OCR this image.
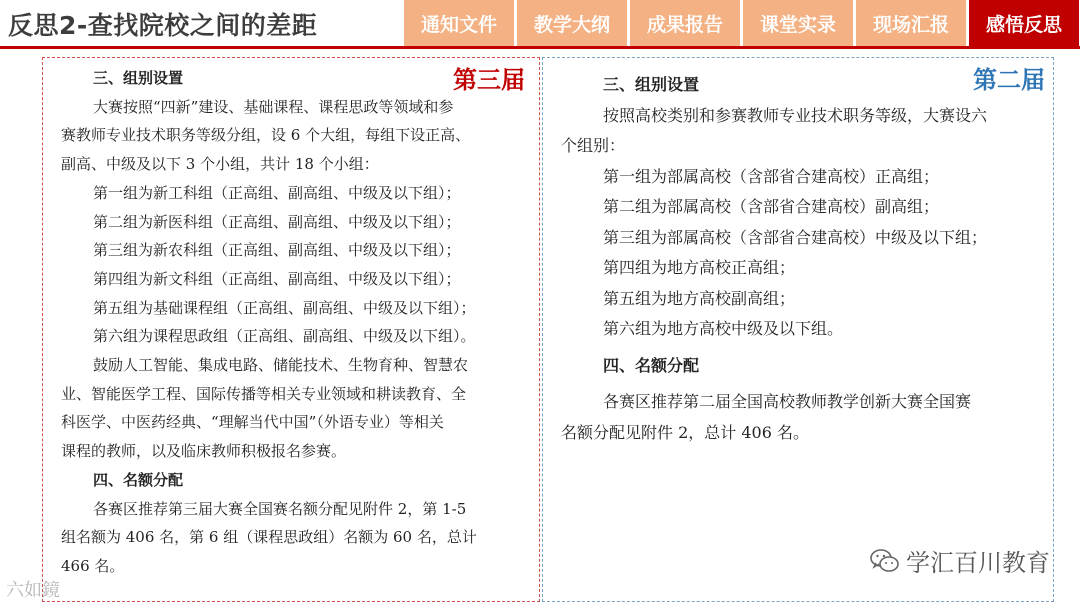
反思2-查找院校之间的差距	通知文件	教学大纲	成果报告	课堂实录	现场汇报	感悟反思
第三届
三、组别设置
大赛按照“四新”建设、基础课程、课程思政等领域和参
赛教师专业技术职务等级分组，设 6 个大组，每组下设正高、
副高、中级及以下 3 个小组，共计 18 个小组：
第一组为新工科组（正高组、副高组、中级及以下组）；
第二组为新医科组（正高组、副高组、中级及以下组）；
第三组为新农科组（正高组、副高组、中级及以下组）；
第四组为新文科组（正高组、副高组、中级及以下组）；
第五组为基础课程组（正高组、副高组、中级及以下组）；
第六组为课程思政组（正高组、副高组、中级及以下组）。
鼓励人工智能、集成电路、储能技术、生物育种、智慧农
业、智能医学工程、国际传播等相关专业领域和耕读教育、全
科医学、中医药经典、“理解当代中国”（外语专业）等相关
课程的教师，以及临床教师积极报名参赛。
四、名额分配
各赛区推荐第三届大赛全国赛名额分配见附件 2，第 1-5
组名额为 406 名，第 6 组（课程思政组）名额为 60 名，总计
466 名。
第二届
三、组别设置
按照高校类别和参赛教师专业技术职务等级，大赛设六
个组别：
第一组为部属高校（含部省合建高校）正高组；
第二组为部属高校（含部省合建高校）副高组；
第三组为部属高校（含部省合建高校）中级及以下组；
第四组为地方高校正高组；
第五组为地方高校副高组；
第六组为地方高校中级及以下组。
四、名额分配
各赛区推荐第二届全国高校教师教学创新大赛全国赛
名额分配见附件 2，总计 406 名。
学汇百川教育
六如鏡
